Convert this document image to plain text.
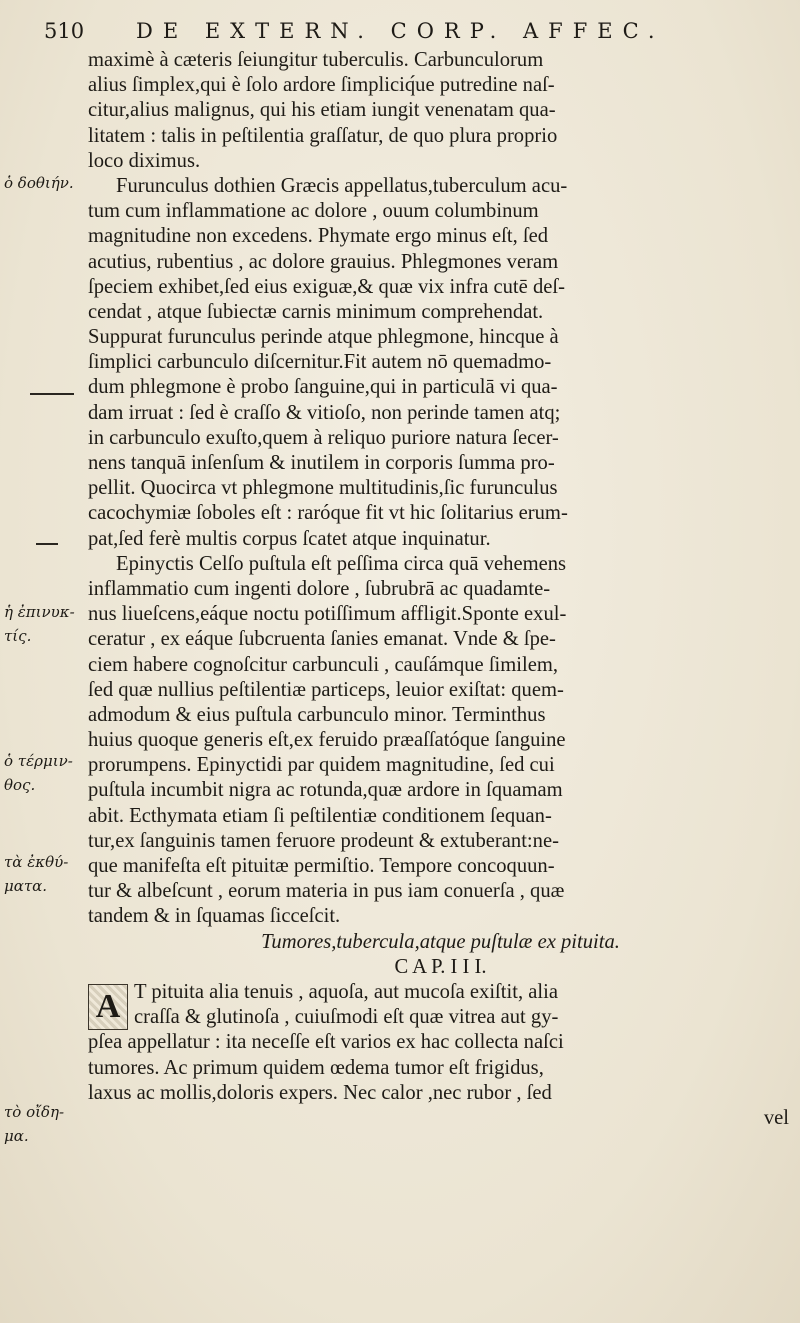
510 DE EXTERN. CORP. AFFEC.
ὁ δοθιήν.
ἡ ἐπινυκ-
τίς.
ὁ τέρμιν-
θος.
τὰ ἐκθύ-
ματα.
τὸ οἴδη-
μα.
maximè à cæteris ſeiungitur tuberculis. Carbunculorum
alius ſimplex,qui è ſolo ardore ſimpliciq́ue putredine naſ-
citur,alius malignus, qui his etiam iungit venenatam qua-
litatem : talis in peſtilentia graſſatur, de quo plura proprio
loco diximus.
Furunculus dothien Græcis appellatus,tuberculum acu-
tum cum inflammatione ac dolore , ouum columbinum
magnitudine non excedens. Phymate ergo minus eſt, ſed
acutius, rubentius , ac dolore grauius. Phlegmones veram
ſpeciem exhibet,ſed eius exiguæ,& quæ vix infra cutē deſ-
cendat , atque ſubiectæ carnis minimum comprehendat.
Suppurat furunculus perinde atque phlegmone, hincque à
ſimplici carbunculo diſcernitur.Fit autem nō quemadmo-
dum phlegmone è probo ſanguine,qui in particulā vi qua-
dam irruat : ſed è craſſo & vitioſo, non perinde tamen atq;
in carbunculo exuſto,quem à reliquo puriore natura ſecer-
nens tanquā inſenſum & inutilem in corporis ſumma pro-
pellit. Quocirca vt phlegmone multitudinis,ſic furunculus
cacochymiæ ſoboles eſt : raróque fit vt hic ſolitarius erum-
pat,ſed ferè multis corpus ſcatet atque inquinatur.
Epinyctis Celſo puſtula eſt peſſima circa quā vehemens
inflammatio cum ingenti dolore , ſubrubrā ac quadamte-
nus liueſcens,eáque noctu potiſſimum affligit.Sponte exul-
ceratur , ex eáque ſubcruenta ſanies emanat. Vnde & ſpe-
ciem habere cognoſcitur carbunculi , cauſámque ſimilem,
ſed quæ nullius peſtilentiæ particeps, leuior exiſtat: quem-
admodum & eius puſtula carbunculo minor. Terminthus
huius quoque generis eſt,ex feruido præaſſatóque ſanguine
prorumpens. Epinyctidi par quidem magnitudine, ſed cui
puſtula incumbit nigra ac rotunda,quæ ardore in ſquamam
abit. Ecthymata etiam ſi peſtilentiæ conditionem ſequan-
tur,ex ſanguinis tamen feruore prodeunt & extuberant:ne-
que manifeſta eſt pituitæ permiſtio. Tempore concoquun-
tur & albeſcunt , eorum materia in pus iam conuerſa , quæ
tandem & in ſquamas ſicceſcit.
Tumores,tubercula,atque puſtulæ ex pituita.
C A P. I I I.
A T pituita alia tenuis , aquoſa, aut mucoſa exiſtit, alia
craſſa & glutinoſa , cuiuſmodi eſt quæ vitrea aut gy-
pſea appellatur : ita neceſſe eſt varios ex hac collecta naſci
tumores. Ac primum quidem œdema tumor eſt frigidus,
laxus ac mollis,doloris expers. Nec calor ,nec rubor , ſed
vel
